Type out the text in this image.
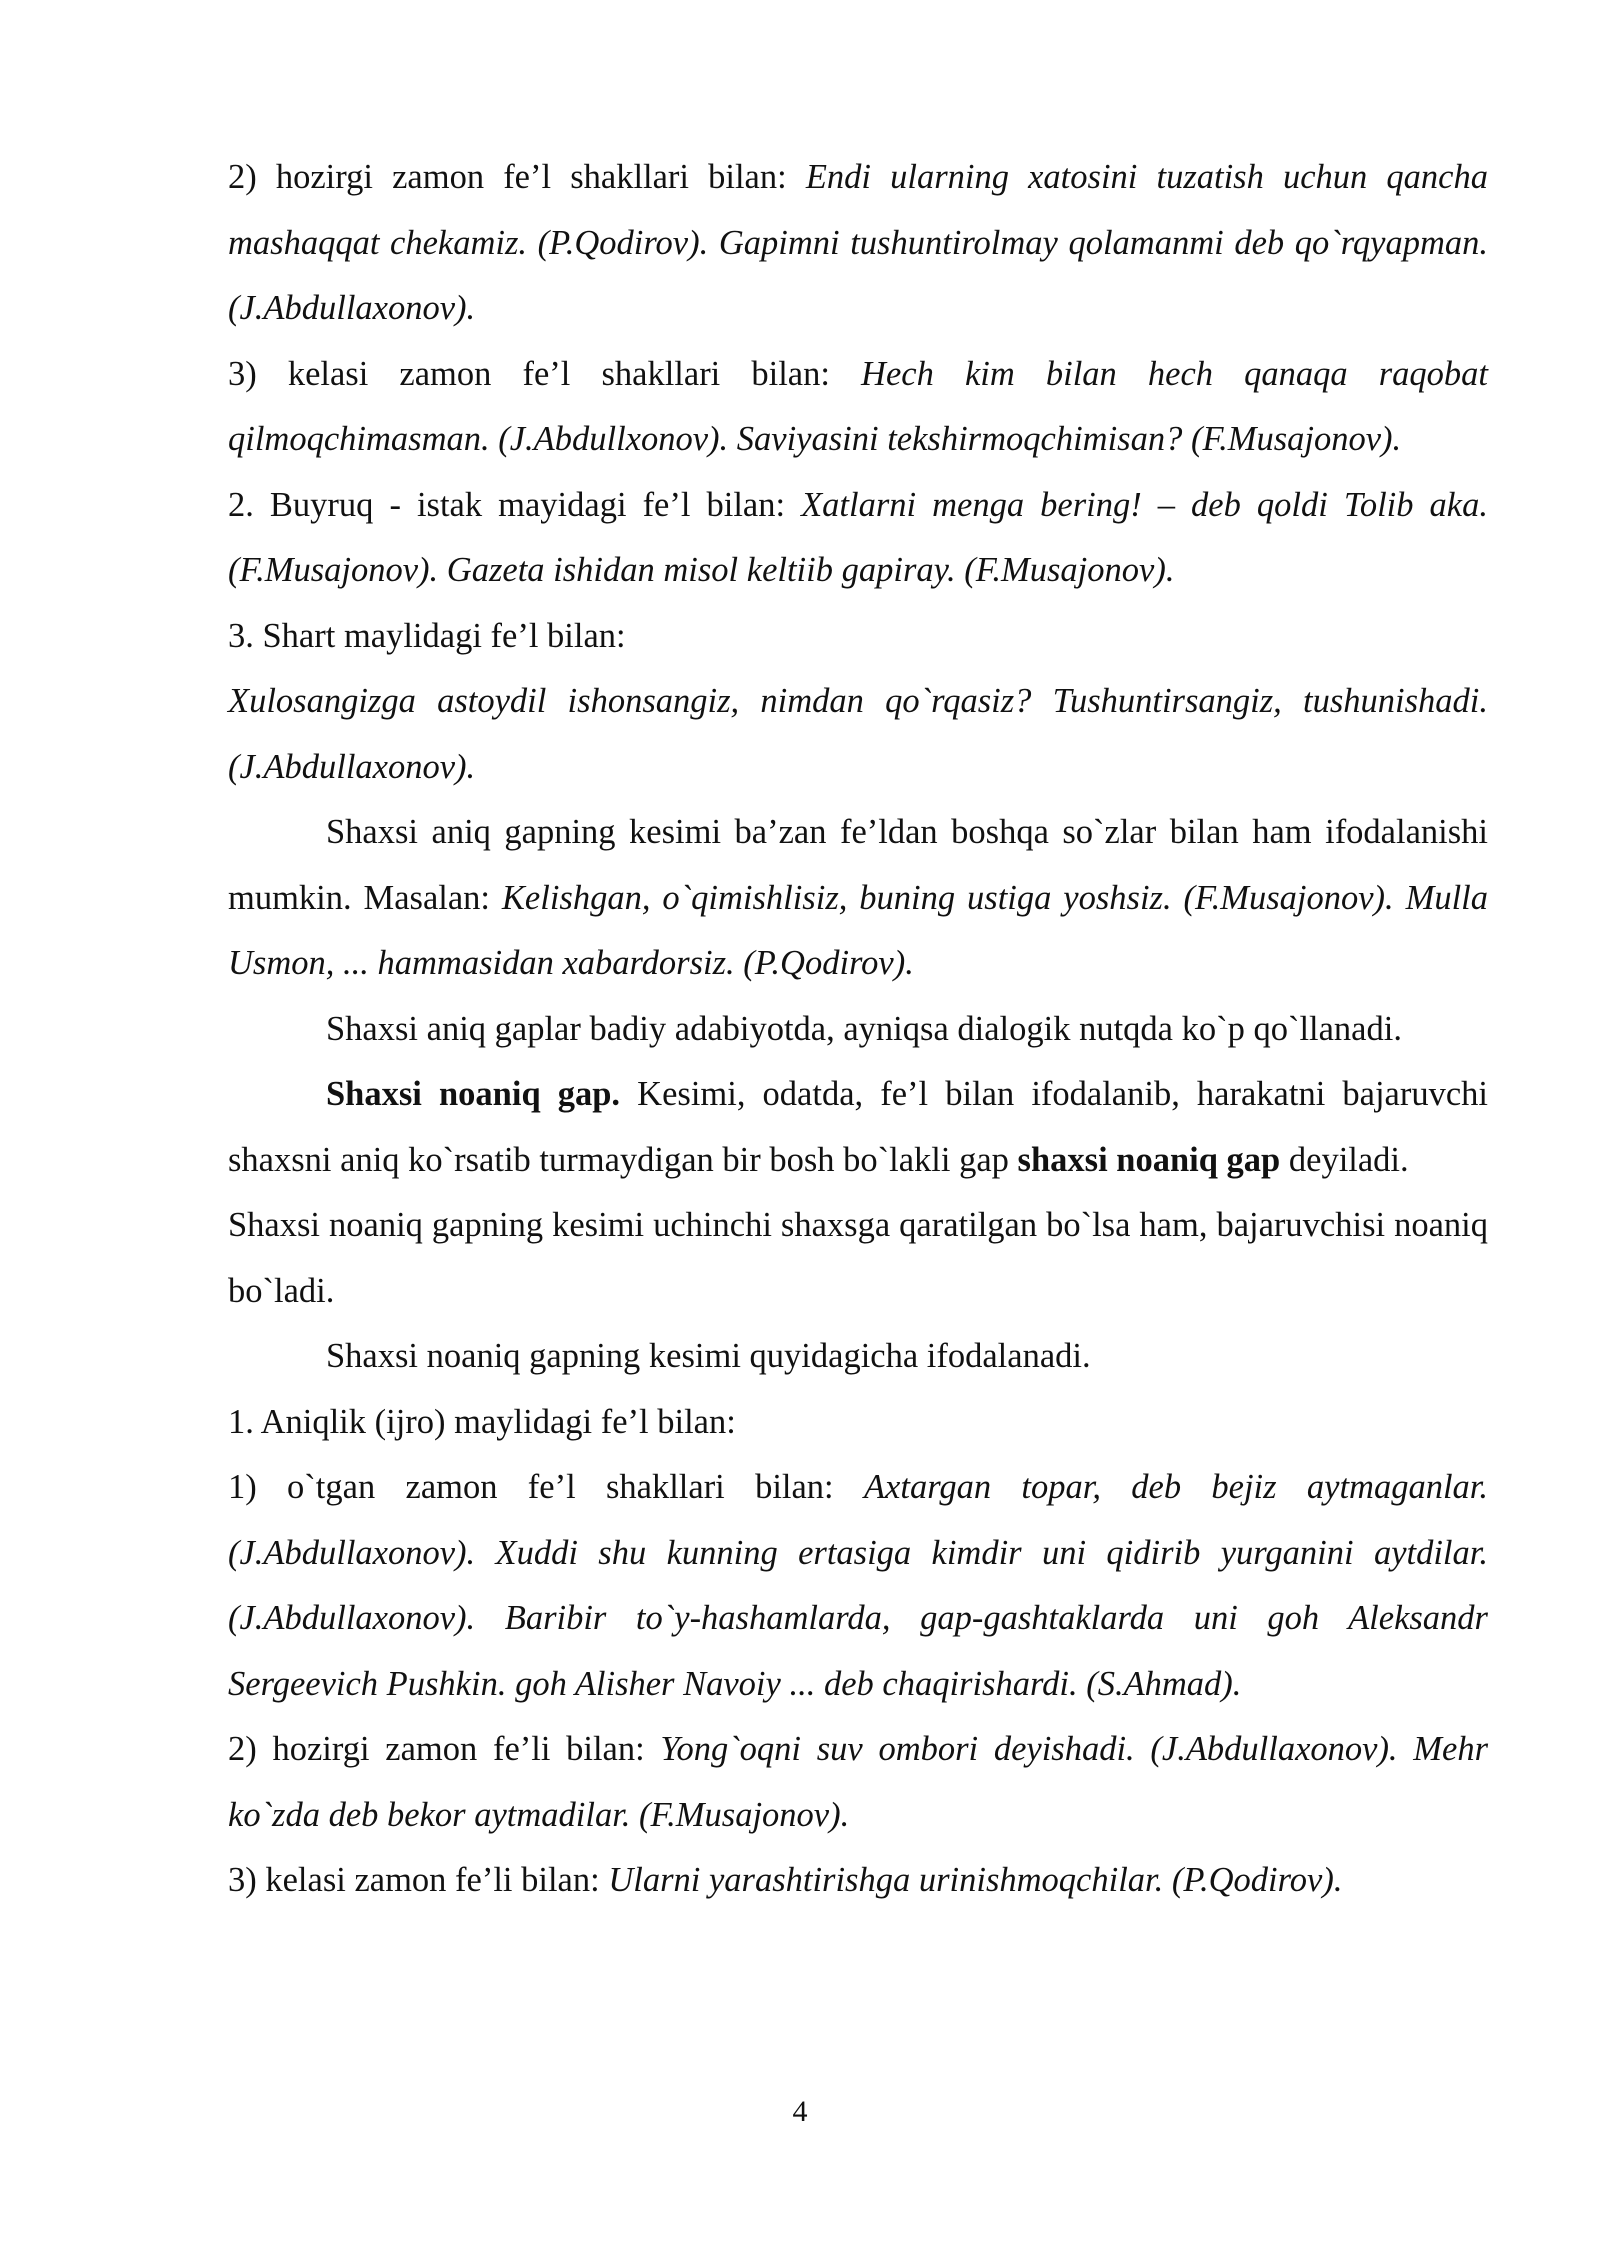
2) hozirgi zamon fe’l shakllari bilan: Endi ularning xatosini tuzatish uchun qancha mashaqqat chekamiz. (P.Qodirov). Gapimni tushuntirolmay qolamanmi deb qo`rqyapman. (J.Abdullaxonov).

3) kelasi zamon fe’l shakllari bilan: Hech kim bilan hech qanaqa raqobat qilmoqchimasman. (J.Abdullxonov). Saviyasini tekshirmoqchimisan? (F.Musajonov).

2. Buyruq - istak mayidagi fe’l bilan: Xatlarni menga bering! – deb qoldi Tolib aka. (F.Musajonov). Gazeta ishidan misol keltiib gapiray. (F.Musajonov).

3. Shart maylidagi fe’l bilan:

Xulosangizga astoydil ishonsangiz, nimdan qo`rqasiz? Tushuntirsangiz, tushunishadi. (J.Abdullaxonov).

Shaxsi aniq gapning kesimi ba’zan fe’ldan boshqa so`zlar bilan ham ifodalanishi mumkin. Masalan: Kelishgan, o`qimishlisiz, buning ustiga yoshsiz. (F.Musajonov). Mulla Usmon, ... hammasidan xabardorsiz. (P.Qodirov).

Shaxsi aniq gaplar badiy adabiyotda, ayniqsa dialogik nutqda ko`p qo`llanadi.

Shaxsi noaniq gap. Kesimi, odatda, fe’l bilan ifodalanib, harakatni bajaruvchi shaxsni aniq ko`rsatib turmaydigan bir bosh bo`lakli gap shaxsi noaniq gap deyiladi.

Shaxsi noaniq gapning kesimi uchinchi shaxsga qaratilgan bo`lsa ham, bajaruvchisi noaniq bo`ladi.

Shaxsi noaniq gapning kesimi quyidagicha ifodalanadi.

1. Aniqlik (ijro) maylidagi fe’l bilan:

1) o`tgan zamon fe’l shakllari bilan: Axtargan topar, deb bejiz aytmaganlar. (J.Abdullaxonov). Xuddi shu kunning ertasiga kimdir uni qidirib yurganini aytdilar. (J.Abdullaxonov). Baribir to`y-hashamlarda, gap-gashtaklarda uni goh Aleksandr Sergeevich Pushkin. goh Alisher Navoiy ... deb chaqirishardi. (S.Ahmad).

2) hozirgi zamon fe’li bilan: Yong`oqni suv ombori deyishadi. (J.Abdullaxonov). Mehr ko`zda deb bekor aytmadilar. (F.Musajonov).

3) kelasi zamon fe’li bilan: Ularni yarashtirishga urinishmoqchilar. (P.Qodirov).

4
